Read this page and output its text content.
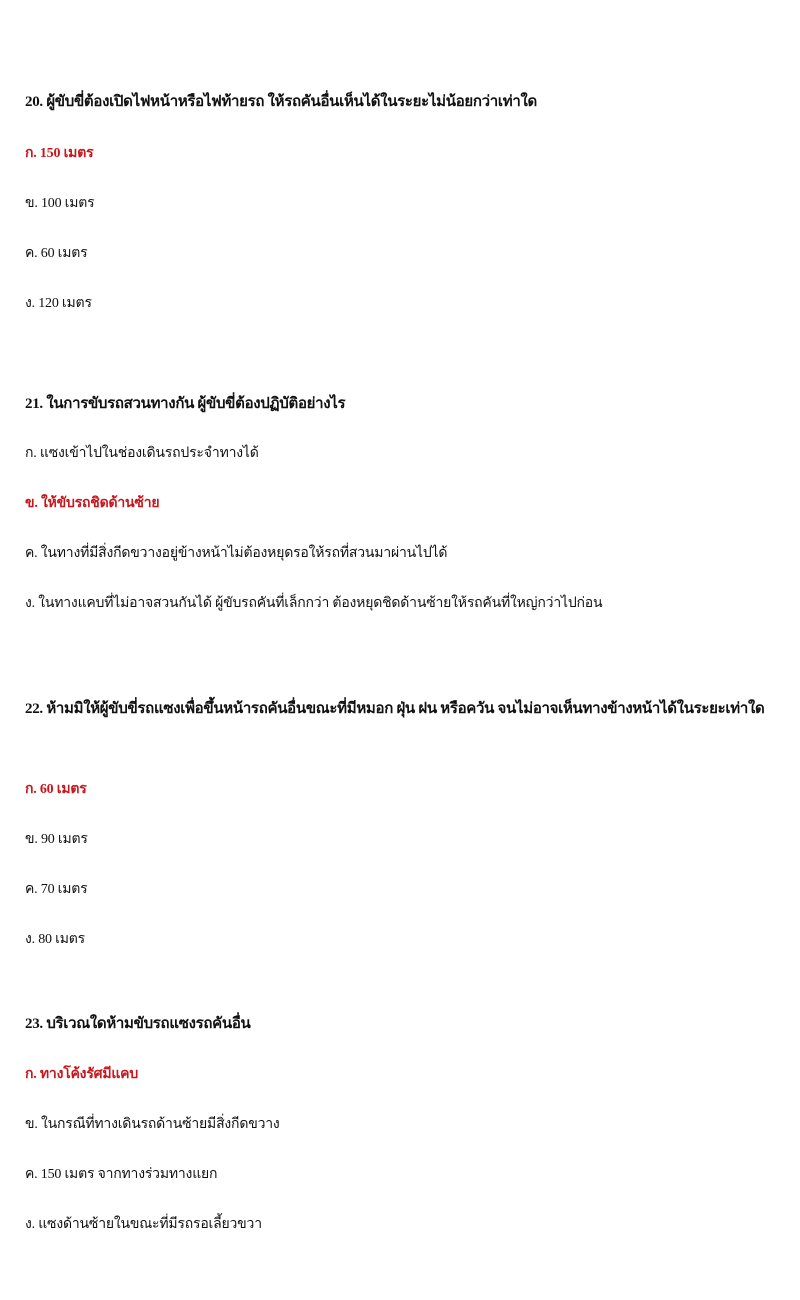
20. ผู้ขับขี่ต้องเปิดไฟหน้าหรือไฟท้ายรถ ให้รถคันอื่นเห็นได้ในระยะไม่น้อยกว่าเท่าใด
ก. 150 เมตร
ข. 100 เมตร
ค. 60 เมตร
ง. 120 เมตร
21. ในการขับรถสวนทางกัน ผู้ขับขี่ต้องปฏิบัติอย่างไร
ก. แซงเข้าไปในช่องเดินรถประจำทางได้
ข. ให้ขับรถชิดด้านซ้าย
ค. ในทางที่มีสิ่งกีดขวางอยู่ข้างหน้าไม่ต้องหยุดรอให้รถที่สวนมาผ่านไปได้
ง. ในทางแคบที่ไม่อาจสวนกันได้ ผู้ขับรถคันที่เล็กกว่า ต้องหยุดชิดด้านซ้ายให้รถคันที่ใหญ่กว่าไปก่อน
22. ห้ามมิให้ผู้ขับขี่รถแซงเพื่อขึ้นหน้ารถคันอื่นขณะที่มีหมอก ฝุ่น ฝน หรือควัน จนไม่อาจเห็นทางข้างหน้าได้ในระยะเท่าใด
ก. 60 เมตร
ข. 90 เมตร
ค. 70 เมตร
ง. 80 เมตร
23. บริเวณใดห้ามขับรถแซงรถคันอื่น
ก. ทางโค้งรัศมีแคบ
ข. ในกรณีที่ทางเดินรถด้านซ้ายมีสิ่งกีดขวาง
ค. 150 เมตร จากทางร่วมทางแยก
ง. แซงด้านซ้ายในขณะที่มีรถรอเลี้ยวขวา
